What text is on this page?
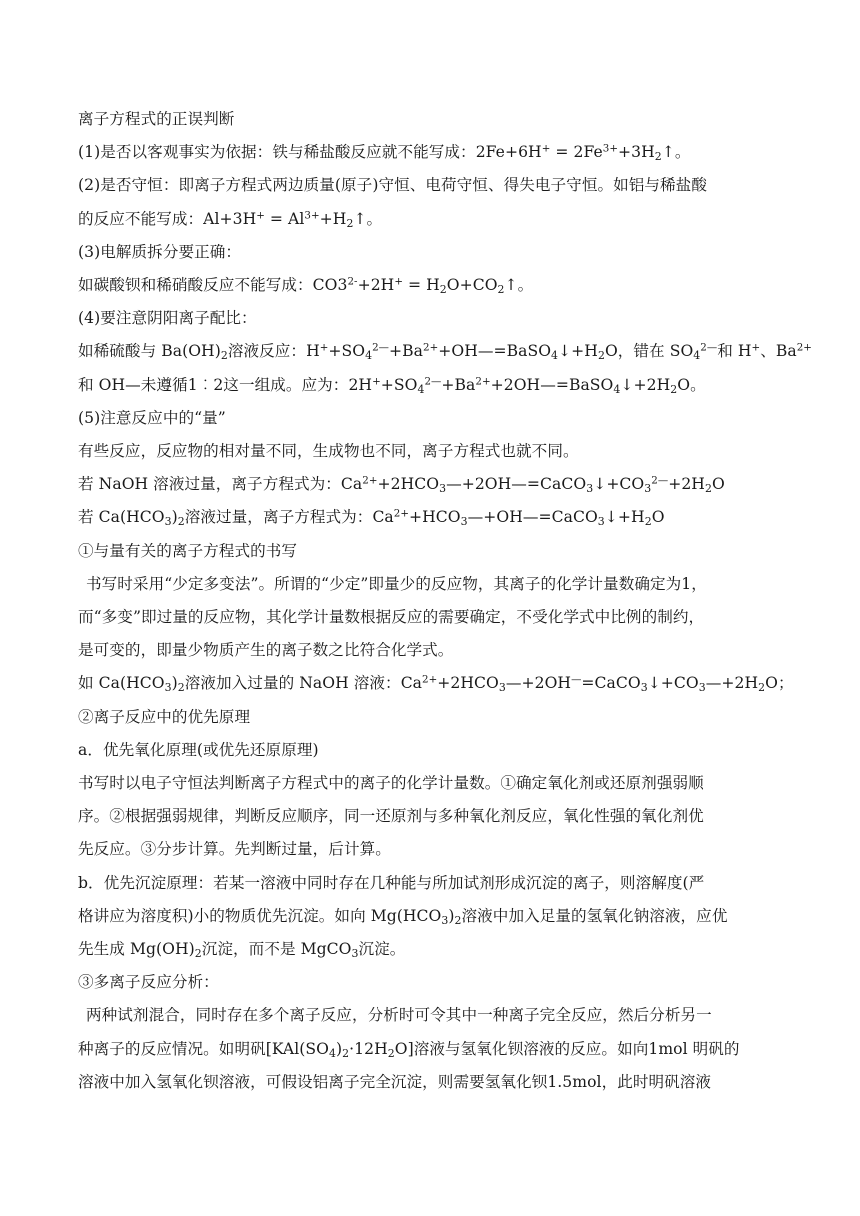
离子方程式的正误判断
(1)是否以客观事实为依据：铁与稀盐酸反应就不能写成：$2Fe+6H^+ = 2Fe^{3+}+3H_2↑$。
(2)是否守恒：即离子方程式两边质量(原子)守恒、电荷守恒、得失电子守恒。如铝与稀盐酸
的反应不能写成：$Al+3H^+ = Al^{3+}+H_2↑$。
(3)电解质拆分要正确：
如碳酸钡和稀硝酸反应不能写成：$CO3^{2-}+2H^+$ = $H_2O+CO_2↑$。
(4)要注意阴阳离子配比：
如稀硫酸与 $Ba(OH)_2$溶液反应：$H^++SO_4^{2—}+Ba^{2+}+OH—=BaSO_4↓+H_2O$，错在 $SO_4^{2—}$和 H+、$Ba^{2+}$
和 OH—未遵循1︰2这一组成。应为：$2H^++SO_4^{2—}+Ba^{2+}+2OH—=BaSO_4↓+2H_2O$。
(5)注意反应中的“量”
有些反应，反应物的相对量不同，生成物也不同，离子方程式也就不同。
若 NaOH 溶液过量，离子方程式为：$Ca^{2+}+2HCO_3—+2OH—=CaCO_3↓+CO_3^{2—}+2H_2O$
若 $Ca(HCO_3)_2$溶液过量，离子方程式为：$Ca^{2+}+HCO_3—+OH—=CaCO_3↓+H_2O$
①与量有关的离子方程式的书写
书写时采用“少定多变法”。所谓的“少定”即量少的反应物，其离子的化学计量数确定为1，
而“多变”即过量的反应物，其化学计量数根据反应的需要确定，不受化学式中比例的制约，
是可变的，即量少物质产生的离子数之比符合化学式。
如 $Ca(HCO_3)_2$溶液加入过量的 NaOH 溶液：$Ca^{2+}+2HCO_3—+2OH^—=CaCO_3↓+CO_3—+2H_2O$；
②离子反应中的优先原理
a．优先氧化原理(或优先还原原理)
书写时以电子守恒法判断离子方程式中的离子的化学计量数。①确定氧化剂或还原剂强弱顺
序。②根据强弱规律，判断反应顺序，同一还原剂与多种氧化剂反应，氧化性强的氧化剂优
先反应。③分步计算。先判断过量，后计算。
b．优先沉淀原理：若某一溶液中同时存在几种能与所加试剂形成沉淀的离子，则溶解度(严
格讲应为溶度积)小的物质优先沉淀。如向 $Mg(HCO_3)_2$溶液中加入足量的氢氧化钠溶液，应优
先生成 $Mg(OH)_2$沉淀，而不是 MgCO$_3$沉淀。
③多离子反应分析：
两种试剂混合，同时存在多个离子反应，分析时可令其中一种离子完全反应，然后分析另一
种离子的反应情况。如明矾$[KAl(SO_4)_2\cdot 12H_2O]$溶液与氢氧化钡溶液的反应。如向1mol 明矾的
溶液中加入氢氧化钡溶液，可假设铝离子完全沉淀，则需要氢氧化钡1.5mol，此时明矾溶液
